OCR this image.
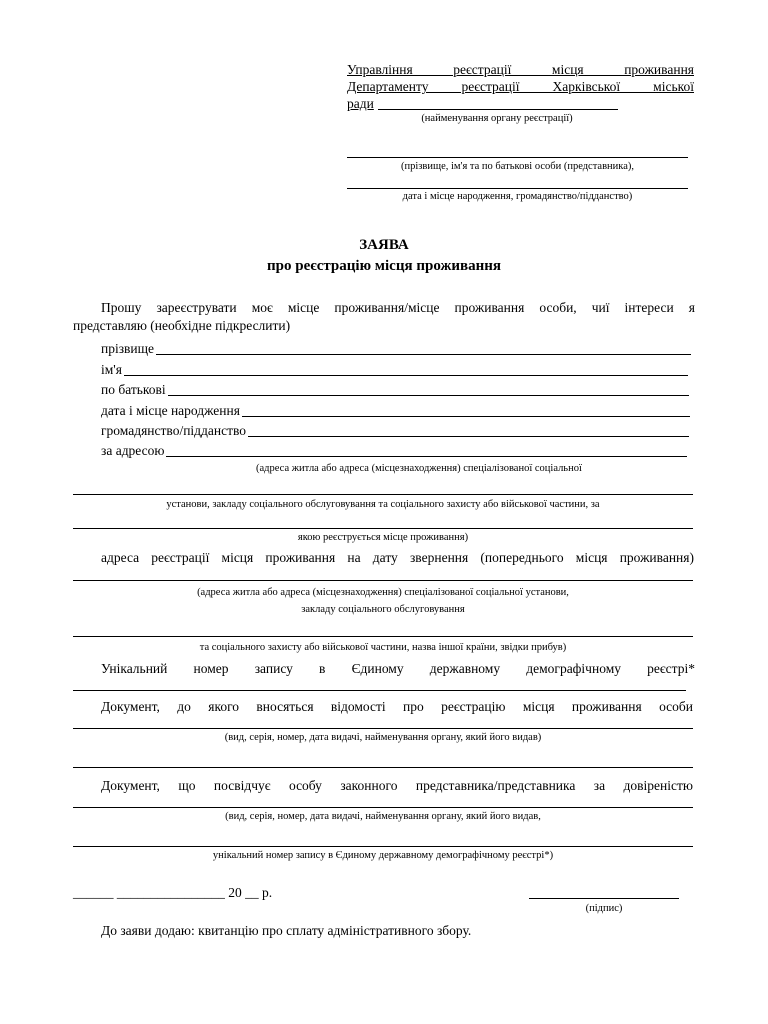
Управління реєстрації місця проживання
Департаменту реєстрації Харківської міської
ради
(найменування органу реєстрації)
(прізвище, ім'я та по батькові особи (представника),
дата і місце народження, громадянство/підданство)
ЗАЯВА
про реєстрацію місця проживання
Прошу зареєструвати моє місце проживання/місце проживання особи, чиї інтереси я
представляю (необхідне підкреслити)
прізвище
ім'я
по батькові
дата і місце народження
громадянство/підданство
за адресою
(адреса житла або адреса (місцезнаходження) спеціалізованої соціальної
установи, закладу соціального обслуговування та соціального захисту або військової частини, за
якою реєструється місце проживання)
адреса реєстрації місця проживання на дату звернення (попереднього місця проживання)
(адреса житла або адреса (місцезнаходження) спеціалізованої соціальної установи,
закладу соціального обслуговування
та соціального захисту або військової частини, назва іншої країни, звідки прибув)
Унікальний номер запису в Єдиному державному демографічному реєстрі*
Документ, до якого вносяться відомості про реєстрацію місця проживання особи
(вид, серія, номер, дата видачі, найменування органу, який його видав)
Документ, що посвідчує особу законного представника/представника за довіреністю
(вид, серія, номер, дата видачі, найменування органу, який його видав,
унікальний номер запису в Єдиному державному демографічному реєстрі*)
______ ________________ 20 __ р.
(підпис)
До заяви додаю: квитанцію про сплату адміністративного збору.
